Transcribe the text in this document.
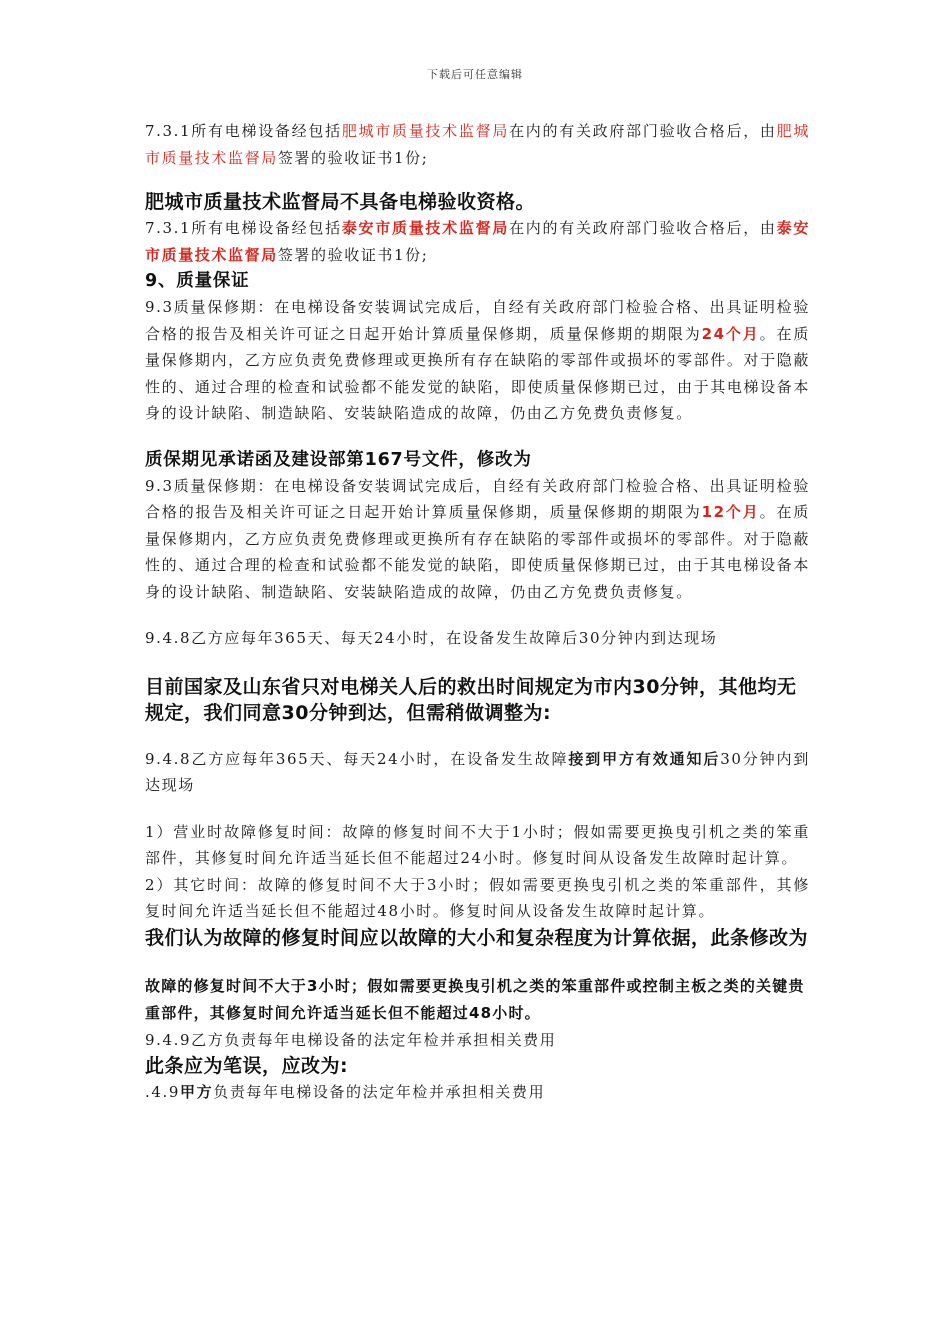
下载后可任意编辑

7.3.1所有电梯设备经包括肥城市质量技术监督局在内的有关政府部门验收合格后，由肥城市质量技术监督局签署的验收证书1份;

肥城市质量技术监督局不具备电梯验收资格。

7.3.1所有电梯设备经包括泰安市质量技术监督局在内的有关政府部门验收合格后，由泰安市质量技术监督局签署的验收证书1份;

9、质量保证

9.3质量保修期：在电梯设备安装调试完成后，自经有关政府部门检验合格、出具证明检验合格的报告及相关许可证之日起开始计算质量保修期，质量保修期的期限为24个月。在质量保修期内，乙方应负责免费修理或更换所有存在缺陷的零部件或损坏的零部件。对于隐蔽性的、通过合理的检查和试验都不能发觉的缺陷，即使质量保修期已过，由于其电梯设备本身的设计缺陷、制造缺陷、安装缺陷造成的故障，仍由乙方免费负责修复。

质保期见承诺函及建设部第167号文件，修改为

9.3质量保修期：在电梯设备安装调试完成后，自经有关政府部门检验合格、出具证明检验合格的报告及相关许可证之日起开始计算质量保修期，质量保修期的期限为12个月。在质量保修期内，乙方应负责免费修理或更换所有存在缺陷的零部件或损坏的零部件。对于隐蔽性的、通过合理的检查和试验都不能发觉的缺陷，即使质量保修期已过，由于其电梯设备本身的设计缺陷、制造缺陷、安装缺陷造成的故障，仍由乙方免费负责修复。

9.4.8乙方应每年365天、每天24小时，在设备发生故障后30分钟内到达现场

目前国家及山东省只对电梯关人后的救出时间规定为市内30分钟，其他均无规定，我们同意30分钟到达，但需稍做调整为:

9.4.8乙方应每年365天、每天24小时，在设备发生故障接到甲方有效通知后30分钟内到达现场

1）营业时故障修复时间：故障的修复时间不大于1小时；假如需要更换曳引机之类的笨重部件，其修复时间允许适当延长但不能超过24小时。修复时间从设备发生故障时起计算。

2）其它时间：故障的修复时间不大于3小时；假如需要更换曳引机之类的笨重部件，其修复时间允许适当延长但不能超过48小时。修复时间从设备发生故障时起计算。

我们认为故障的修复时间应以故障的大小和复杂程度为计算依据，此条修改为

故障的修复时间不大于3小时；假如需要更换曳引机之类的笨重部件或控制主板之类的关键贵重部件，其修复时间允许适当延长但不能超过48小时。

9.4.9乙方负责每年电梯设备的法定年检并承担相关费用

此条应为笔误，应改为:

.4.9甲方负责每年电梯设备的法定年检并承担相关费用
